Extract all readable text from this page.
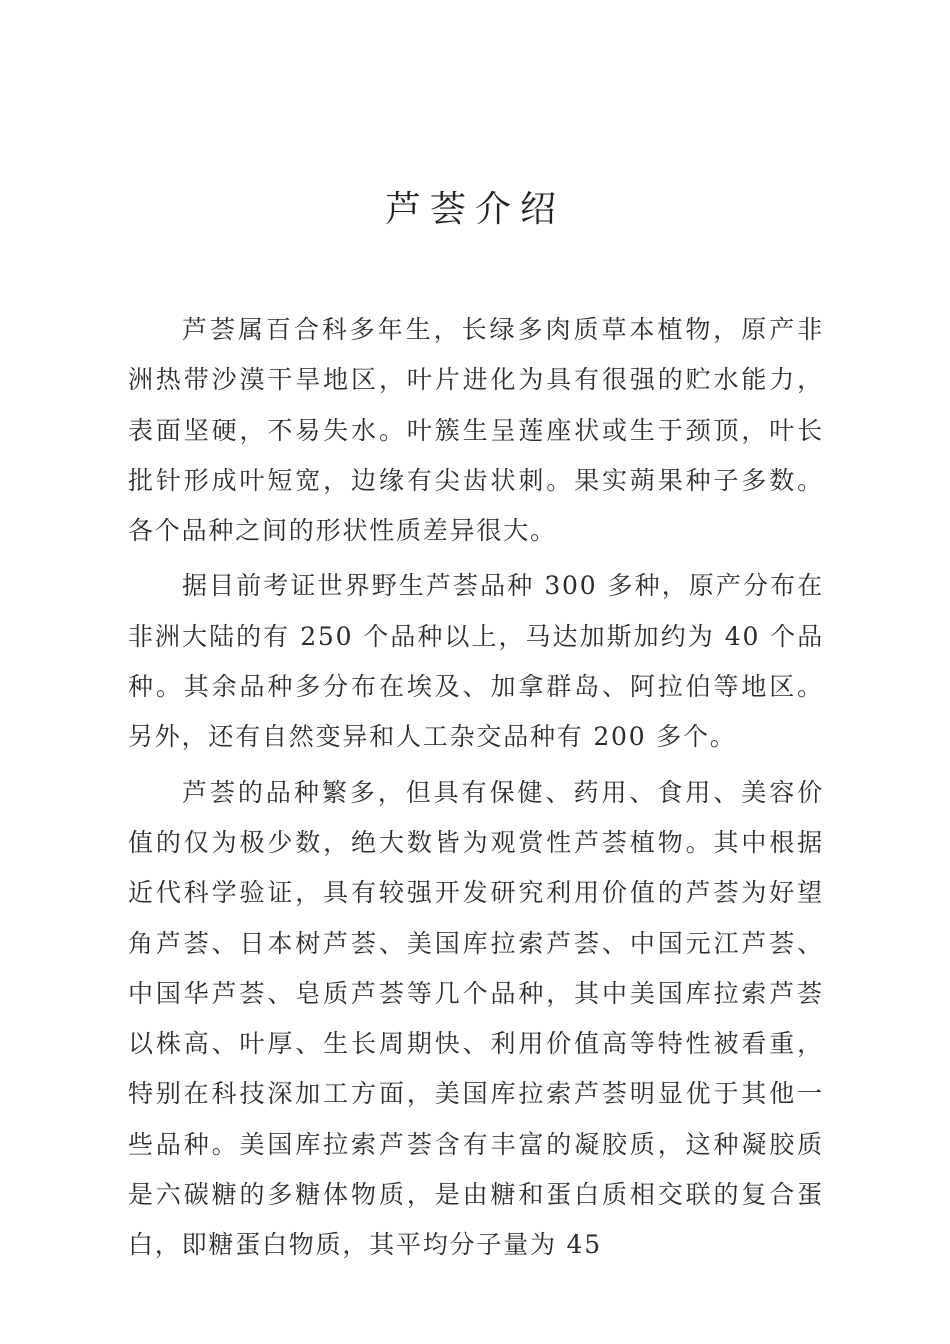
芦荟介绍

芦荟属百合科多年生，长绿多肉质草本植物，原产非洲热带沙漠干旱地区，叶片进化为具有很强的贮水能力，表面坚硬，不易失水。叶簇生呈莲座状或生于颈顶，叶长批针形成叶短宽，边缘有尖齿状刺。果实蒴果种子多数。各个品种之间的形状性质差异很大。

据目前考证世界野生芦荟品种 300 多种，原产分布在非洲大陆的有 250 个品种以上，马达加斯加约为 40 个品种。其余品种多分布在埃及、加拿群岛、阿拉伯等地区。另外，还有自然变异和人工杂交品种有 200 多个。

芦荟的品种繁多，但具有保健、药用、食用、美容价值的仅为极少数，绝大数皆为观赏性芦荟植物。其中根据近代科学验证，具有较强开发研究利用价值的芦荟为好望角芦荟、日本树芦荟、美国库拉索芦荟、中国元江芦荟、中国华芦荟、皂质芦荟等几个品种，其中美国库拉索芦荟以株高、叶厚、生长周期快、利用价值高等特性被看重，特别在科技深加工方面，美国库拉索芦荟明显优于其他一些品种。美国库拉索芦荟含有丰富的凝胶质，这种凝胶质是六碳糖的多糖体物质，是由糖和蛋白质相交联的复合蛋白，即糖蛋白物质，其平均分子量为 45
